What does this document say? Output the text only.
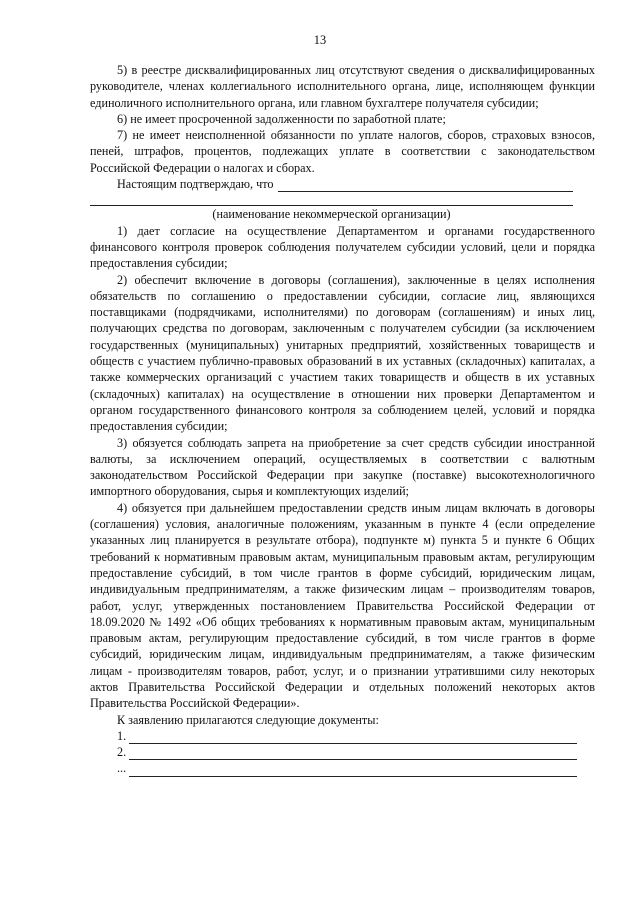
13

5) в реестре дисквалифицированных лиц отсутствуют сведения о дисквалифицированных руководителе, членах коллегиального исполнительного органа, лице, исполняющем функции единоличного исполнительного органа, или главном бухгалтере получателя субсидии;

6) не имеет просроченной задолженности по заработной плате;

7) не имеет неисполненной обязанности по уплате налогов, сборов, страховых взносов, пеней, штрафов, процентов, подлежащих уплате в соответствии с законодательством Российской Федерации о налогах и сборах.

Настоящим подтверждаю, что

(наименование некоммерческой организации)

1) дает согласие на осуществление Департаментом и органами государственного финансового контроля проверок соблюдения получателем субсидии условий, цели и порядка предоставления субсидии;

2) обеспечит включение в договоры (соглашения), заключенные в целях исполнения обязательств по соглашению о предоставлении субсидии, согласие лиц, являющихся поставщиками (подрядчиками, исполнителями) по договорам (соглашениям) и иных лиц, получающих средства по договорам, заключенным с получателем субсидии (за исключением государственных (муниципальных) унитарных предприятий, хозяйственных товариществ и обществ с участием публично-правовых образований в их уставных (складочных) капиталах, а также коммерческих организаций с участием таких товариществ и обществ в их уставных (складочных) капиталах) на осуществление в отношении них проверки Департаментом и органом государственного финансового контроля за соблюдением целей, условий и порядка предоставления субсидии;

3) обязуется соблюдать запрета на приобретение за счет средств субсидии иностранной валюты, за исключением операций, осуществляемых в соответствии с валютным законодательством Российской Федерации при закупке (поставке) высокотехнологичного импортного оборудования, сырья и комплектующих изделий;

4) обязуется при дальнейшем предоставлении средств иным лицам включать в договоры (соглашения) условия, аналогичные положениям, указанным в пункте 4 (если определение указанных лиц планируется в результате отбора), подпункте м) пункта 5 и пункте 6 Общих требований к нормативным правовым актам, муниципальным правовым актам, регулирующим предоставление субсидий, в том числе грантов в форме субсидий, юридическим лицам, индивидуальным предпринимателям, а также физическим лицам – производителям товаров, работ, услуг, утвержденных постановлением Правительства Российской Федерации от 18.09.2020 № 1492 «Об общих требованиях к нормативным правовым актам, муниципальным правовым актам, регулирующим предоставление субсидий, в том числе грантов в форме субсидий, юридическим лицам, индивидуальным предпринимателям, а также физическим лицам - производителям товаров, работ, услуг, и о признании утратившими силу некоторых актов Правительства Российской Федерации и отдельных положений некоторых актов Правительства Российской Федерации».

К заявлению прилагаются следующие документы:

1.
2.
...
